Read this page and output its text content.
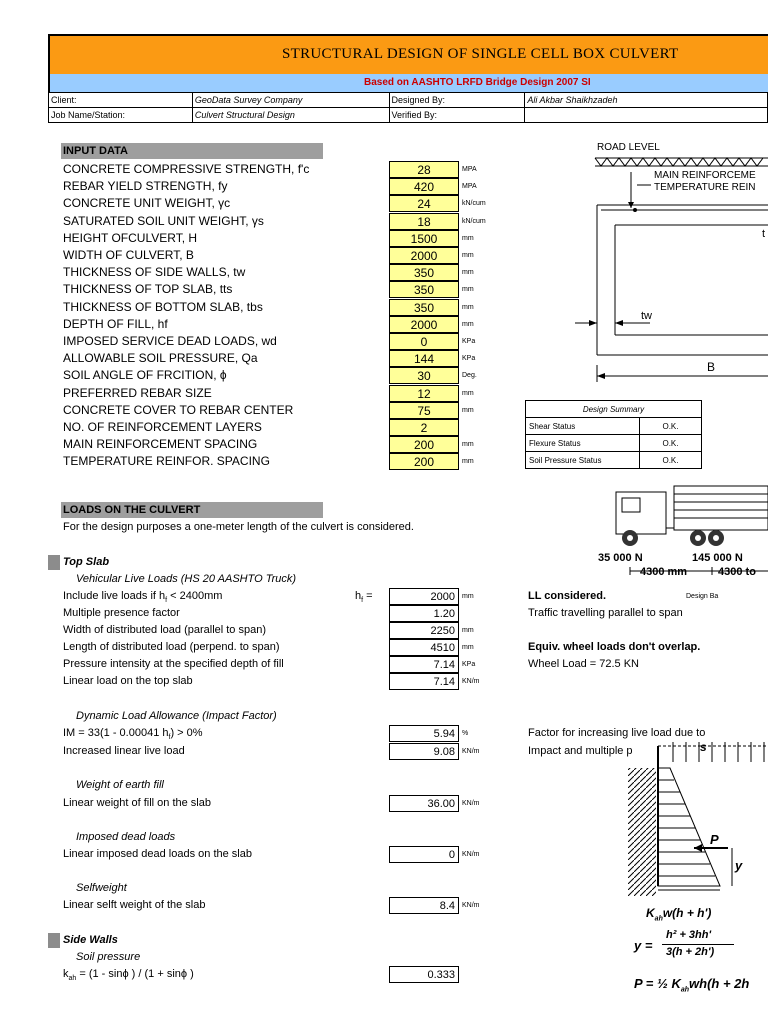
STRUCTURAL DESIGN OF SINGLE CELL BOX CULVERT
Based on AASHTO LRFD Bridge Design 2007 SI
Client:	GeoData Survey Company	Designed By:	Ali Akbar Shaikhzadeh
Job Name/Station:	Culvert Structural Design	Verified By:	
INPUT DATA
CONCRETE COMPRESSIVE STRENGTH, f'c	28	MPA
REBAR YIELD STRENGTH, fy	420	MPA
CONCRETE UNIT WEIGHT, γc	24	kN/cum
SATURATED SOIL UNIT WEIGHT, γs	18	kN/cum
HEIGHT OFCULVERT, H	1500	mm
WIDTH OF CULVERT, B	2000	mm
THICKNESS OF SIDE WALLS, tw	350	mm
THICKNESS OF TOP SLAB, tts	350	mm
THICKNESS OF BOTTOM SLAB, tbs	350	mm
DEPTH OF FILL, hf	2000	mm
IMPOSED SERVICE DEAD LOADS, wd	0	KPa
ALLOWABLE SOIL PRESSURE, Qa	144	KPa
SOIL ANGLE OF FRCITION, ϕ	30	Deg.
PREFERRED REBAR SIZE	12	mm
CONCRETE COVER TO REBAR CENTER	75	mm
NO. OF REINFORCEMENT LAYERS	2
MAIN REINFORCEMENT SPACING	200	mm
TEMPERATURE REINFOR. SPACING	200	mm
Design Summary	
Shear Status	O.K.
Flexure Status	O.K.
Soil Pressure Status	O.K.
ROAD LEVEL
MAIN REINFORCEME
TEMPERATURE REIN
tw
B
t
LOADS ON THE CULVERT
For the design purposes a one-meter length of the culvert is considered.
Top Slab
Vehicular Live Loads (HS 20 AASHTO Truck)
Include live loads if $h_f < 2400mm$	$h_f$ =	2000	mm
Multiple presence factor	1.20
Width of distributed load (parallel to span)	2250	mm
Length of distributed load (perpend. to span)	4510	mm
Pressure intensity at the specified depth of fill	7.14	KPa
Linear load on the top slab	7.14	KN/m
Dynamic Load Allowance (Impact Factor)
IM = 33(1 - 0.00041 $h_f) > 0\%$	5.94	%
Increased linear live load	9.08	KN/m
Weight of earth fill
Linear weight of fill on the slab	36.00	KN/m
Imposed dead loads
Linear imposed dead loads on the slab	0	KN/m
Selfweight
Linear selft weight of the slab	8.4	KN/m
Side Walls
Soil pressure
$k_{ah} = (1 - \sin\phi$ ) / (1 + sinϕ )	0.333
35 000 N	145 000 N
4300 mm	4300 to
LL considered.	Design Ba
Traffic travelling parallel to span
Equiv. wheel loads don't overlap.
Wheel Load = 72.5 KN
Factor for increasing live load due to
Impact and multiple p	s
P
y
$K_{ah}w(h + h')$
y =
h² + 3hh'
3(h + 2h')
P = ½ $K_{ah}wh(h + 2h$
